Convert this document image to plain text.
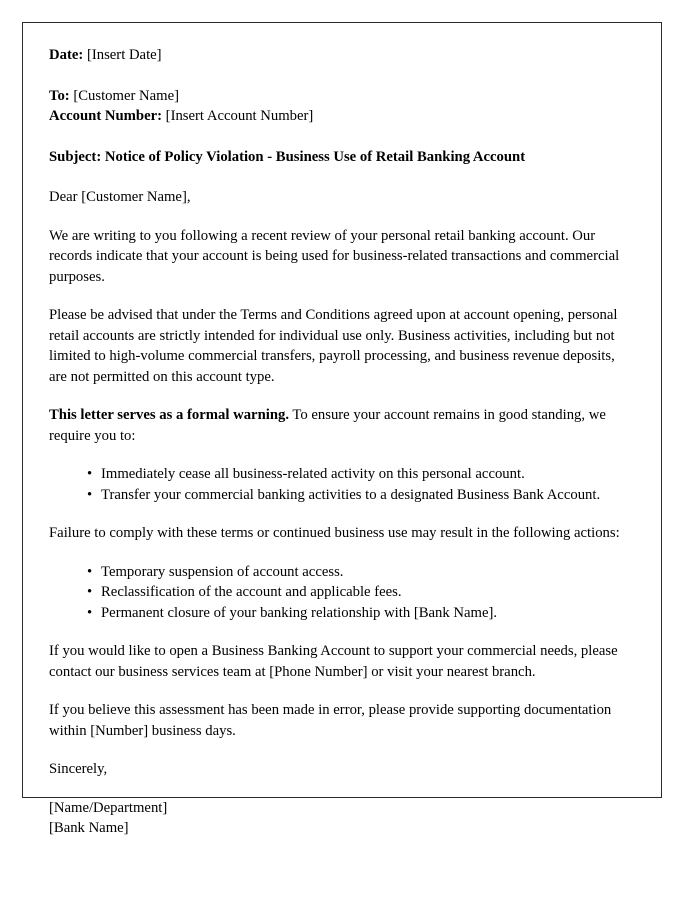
Date: [Insert Date]
To: [Customer Name]
Account Number: [Insert Account Number]
Subject: Notice of Policy Violation - Business Use of Retail Banking Account
Dear [Customer Name],

We are writing to you following a recent review of your personal retail banking account. Our records indicate that your account is being used for business-related transactions and commercial purposes.

Please be advised that under the Terms and Conditions agreed upon at account opening, personal retail accounts are strictly intended for individual use only. Business activities, including but not limited to high-volume commercial transfers, payroll processing, and business revenue deposits, are not permitted on this account type.

This letter serves as a formal warning. To ensure your account remains in good standing, we require you to:

• Immediately cease all business-related activity on this personal account.
• Transfer your commercial banking activities to a designated Business Bank Account.

Failure to comply with these terms or continued business use may result in the following actions:

• Temporary suspension of account access.
• Reclassification of the account and applicable fees.
• Permanent closure of your banking relationship with [Bank Name].

If you would like to open a Business Banking Account to support your commercial needs, please contact our business services team at [Phone Number] or visit your nearest branch.

If you believe this assessment has been made in error, please provide supporting documentation within [Number] business days.

Sincerely,
[Name/Department]
[Bank Name]
